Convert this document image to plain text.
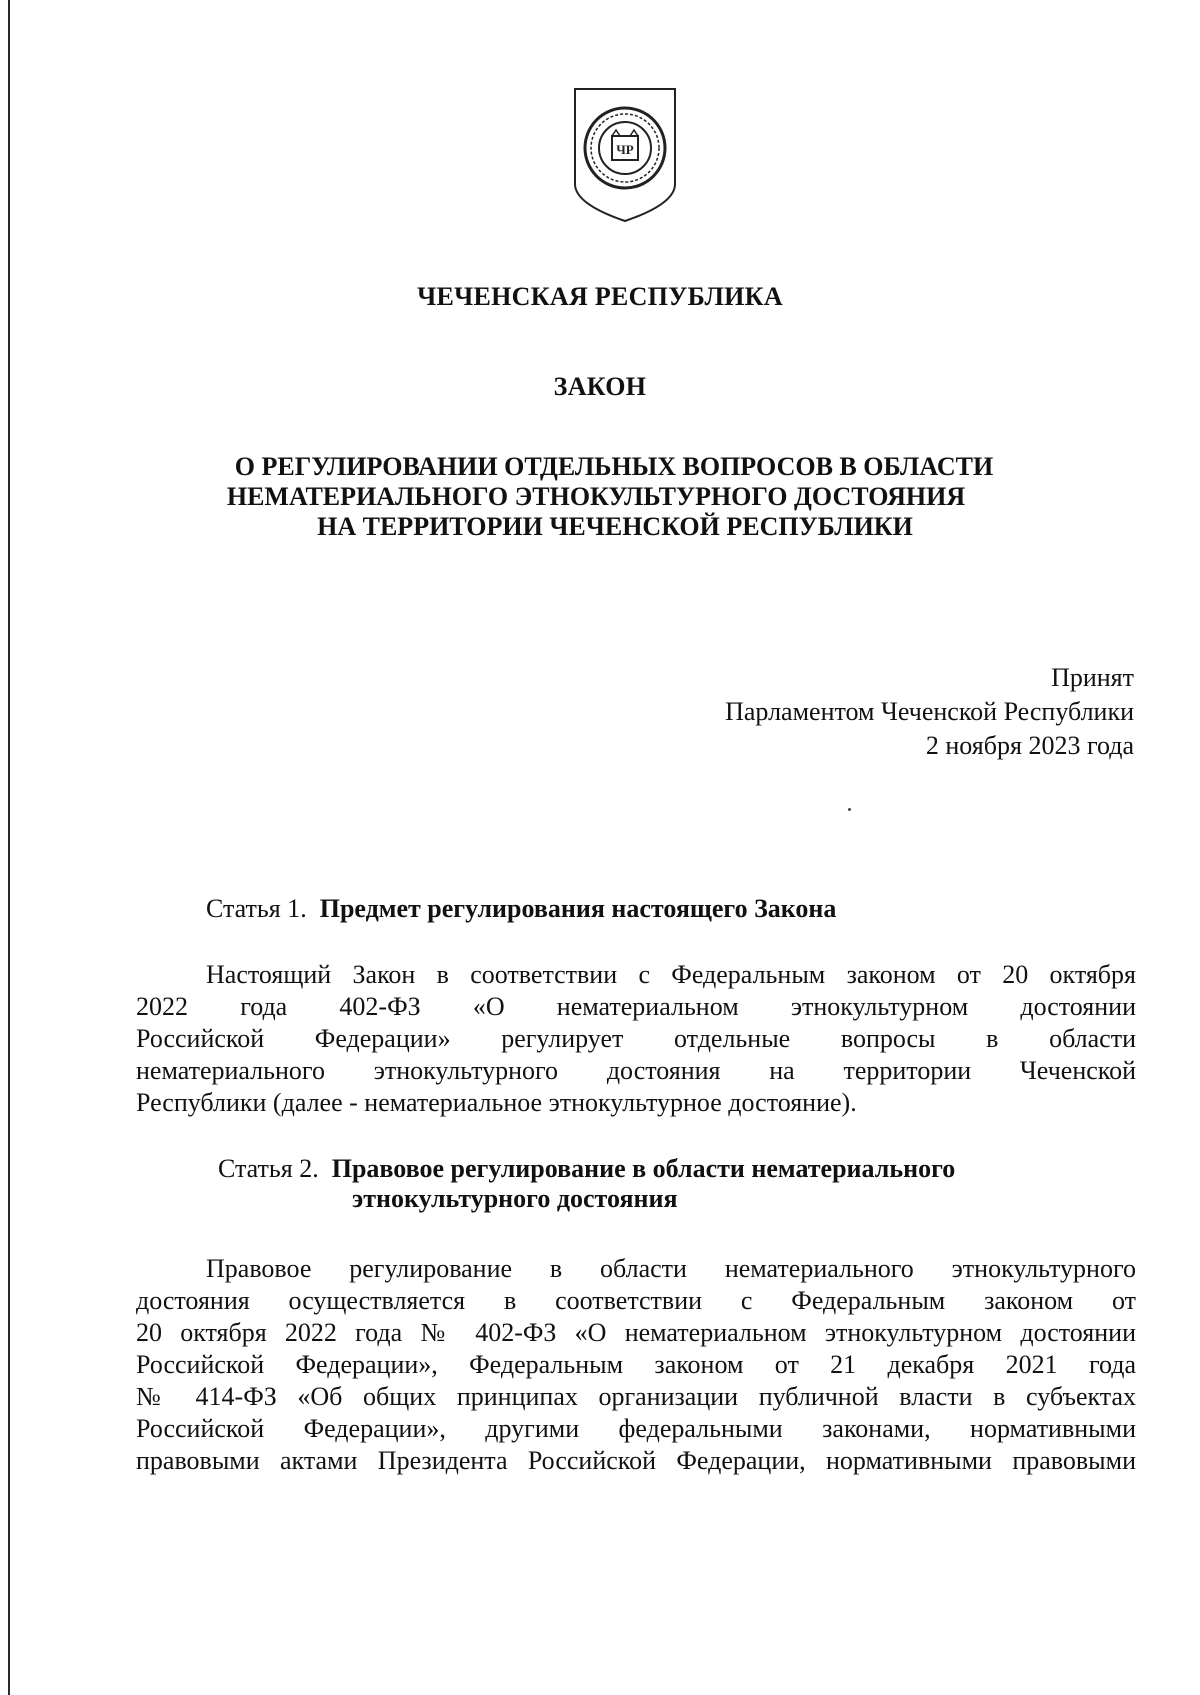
ЧР
ЧЕЧЕНСКАЯ РЕСПУБЛИКА
ЗАКОН
О РЕГУЛИРОВАНИИ ОТДЕЛЬНЫХ ВОПРОСОВ В ОБЛАСТИ
НЕМАТЕРИАЛЬНОГО ЭТНОКУЛЬТУРНОГО ДОСТОЯНИЯ
НА ТЕРРИТОРИИ ЧЕЧЕНСКОЙ РЕСПУБЛИКИ
Принят
Парламентом Чеченской Республики
2 ноября 2023 года
Статья 1. Предмет регулирования настоящего Закона
Настоящий Закон в соответствии с Федеральным законом от 20 октября
2022 года 402-ФЗ «О нематериальном этнокультурном достоянии
Российской Федерации» регулирует отдельные вопросы в области
нематериального этнокультурного достояния на территории Чеченской
Республики (далее - нематериальное этнокультурное достояние).
Статья 2. Правовое регулирование в области нематериального
этнокультурного достояния
Правовое регулирование в области нематериального этнокультурного
достояния осуществляется в соответствии с Федеральным законом от
20 октября 2022 года № 402-ФЗ «О нематериальном этнокультурном достоянии
Российской Федерации», Федеральным законом от 21 декабря 2021 года
№ 414-ФЗ «Об общих принципах организации публичной власти в субъектах
Российской Федерации», другими федеральными законами, нормативными
правовыми актами Президента Российской Федерации, нормативными правовыми
